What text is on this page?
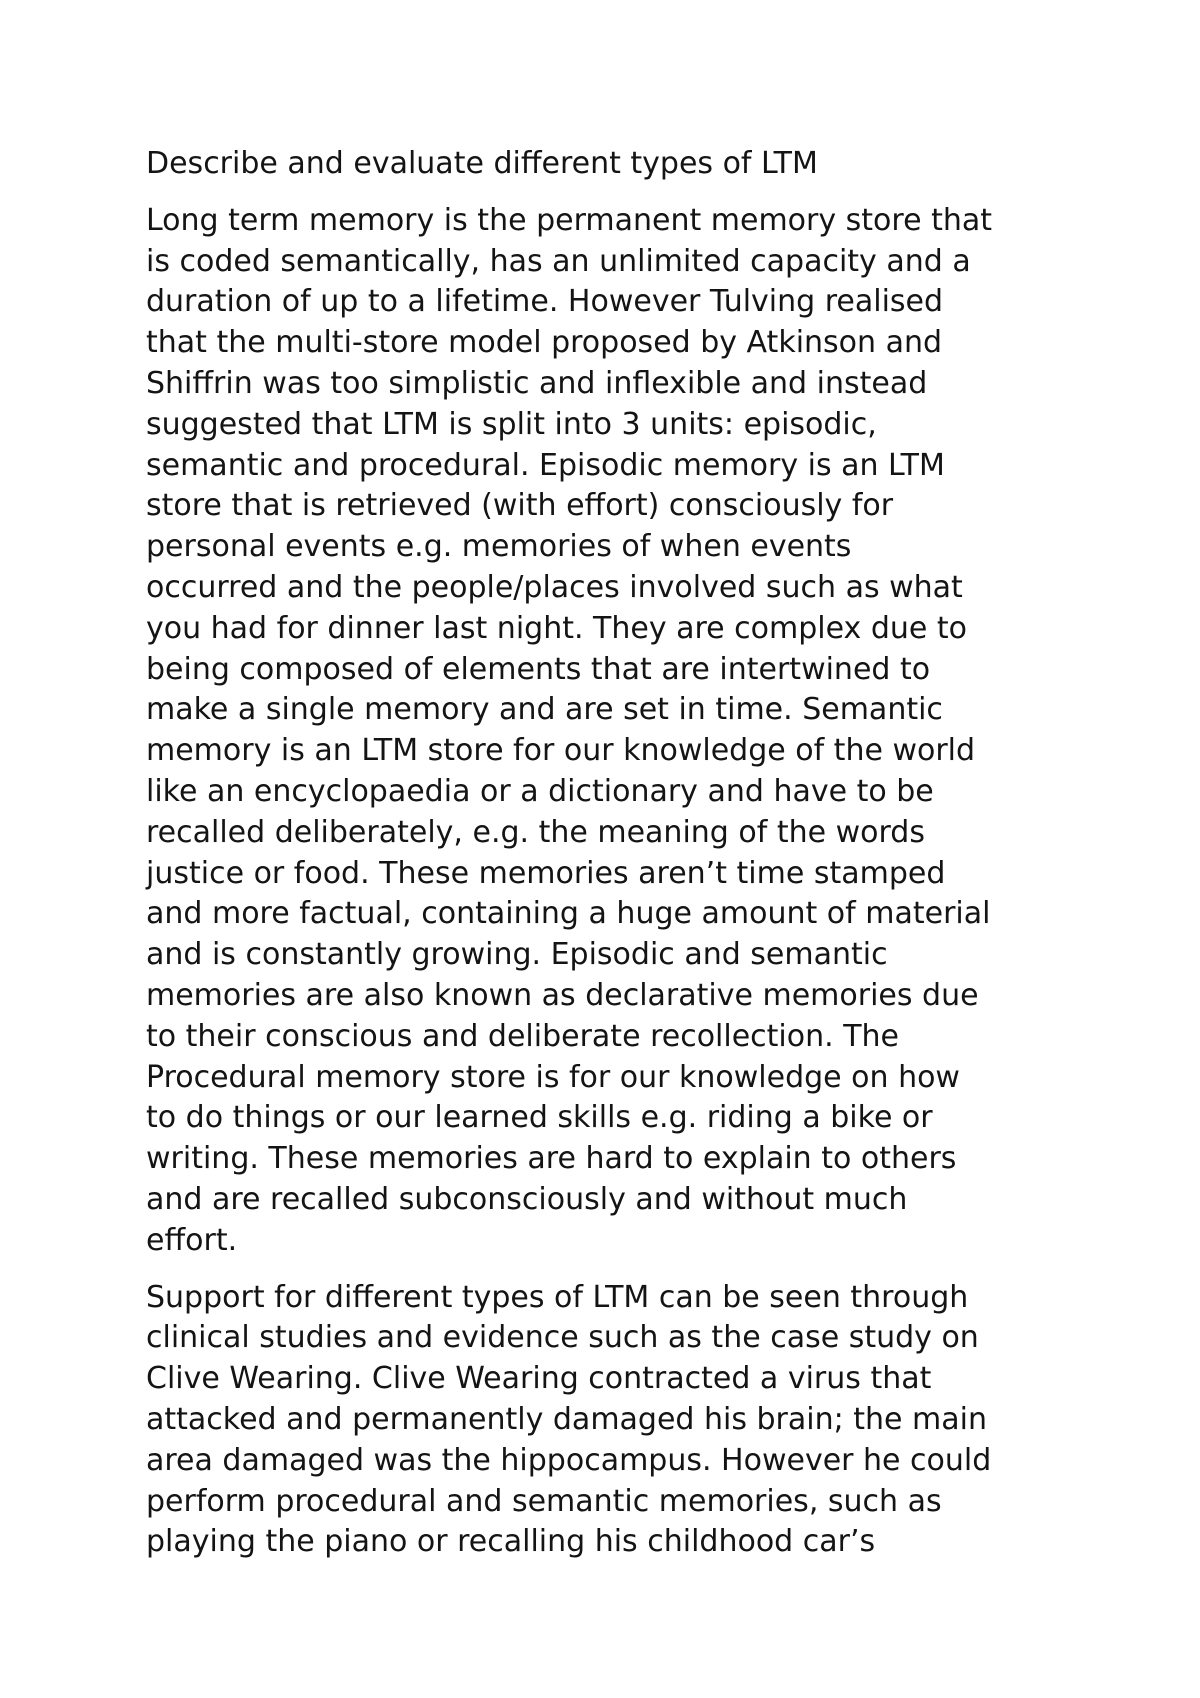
Describe and evaluate different types of LTM

Long term memory is the permanent memory store that
is coded semantically, has an unlimited capacity and a
duration of up to a lifetime. However Tulving realised
that the multi-store model proposed by Atkinson and
Shiffrin was too simplistic and inflexible and instead
suggested that LTM is split into 3 units: episodic,
semantic and procedural. Episodic memory is an LTM
store that is retrieved (with effort) consciously for
personal events e.g. memories of when events
occurred and the people/places involved such as what
you had for dinner last night. They are complex due to
being composed of elements that are intertwined to
make a single memory and are set in time. Semantic
memory is an LTM store for our knowledge of the world
like an encyclopaedia or a dictionary and have to be
recalled deliberately, e.g. the meaning of the words
justice or food. These memories aren’t time stamped
and more factual, containing a huge amount of material
and is constantly growing. Episodic and semantic
memories are also known as declarative memories due
to their conscious and deliberate recollection. The
Procedural memory store is for our knowledge on how
to do things or our learned skills e.g. riding a bike or
writing. These memories are hard to explain to others
and are recalled subconsciously and without much
effort.

Support for different types of LTM can be seen through
clinical studies and evidence such as the case study on
Clive Wearing. Clive Wearing contracted a virus that
attacked and permanently damaged his brain; the main
area damaged was the hippocampus. However he could
perform procedural and semantic memories, such as
playing the piano or recalling his childhood car’s
